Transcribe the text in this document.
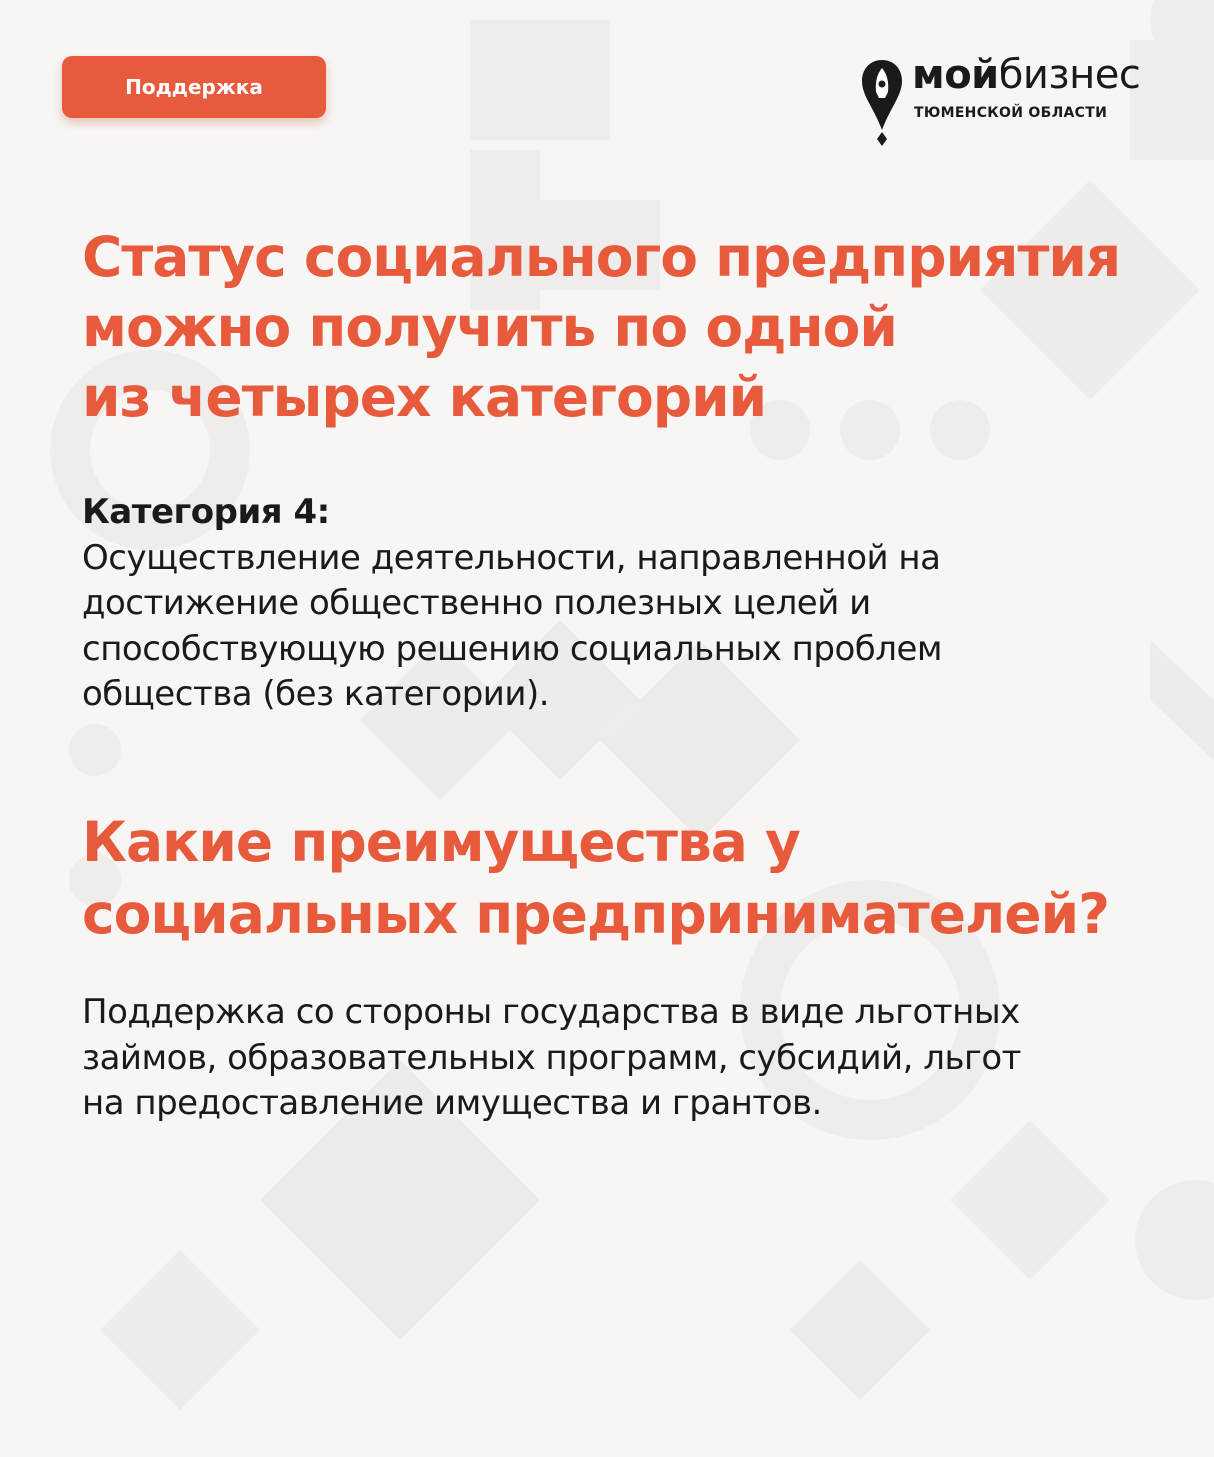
Поддержка	мойбизнес
ТЮМЕНСКОЙ ОБЛАСТИ
Статус социального предприятия
можно получить по одной
из четырех категорий
Категория 4:
Осуществление деятельности, направленной на
достижение общественно полезных целей и
способствующую решению социальных проблем
общества (без категории).
Какие преимущества у
социальных предпринимателей?
Поддержка со стороны государства в виде льготных
займов, образовательных программ, субсидий, льгот
на предоставление имущества и грантов.
